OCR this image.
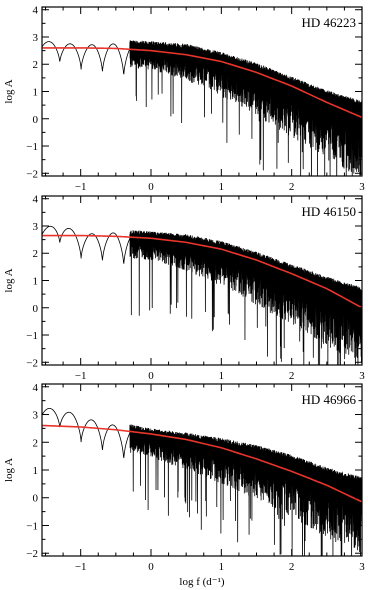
−1	0	1	2	3
−2
−1
0
1
2
3
4
log A
HD 46223
−1	0	1	2	3
−2
−1
0
1
2
3
4
log A
HD 46150
−1	0	1	2	3
−2
−1
0
1
2
3
4
log A
HD 46966
log f (d⁻¹)
